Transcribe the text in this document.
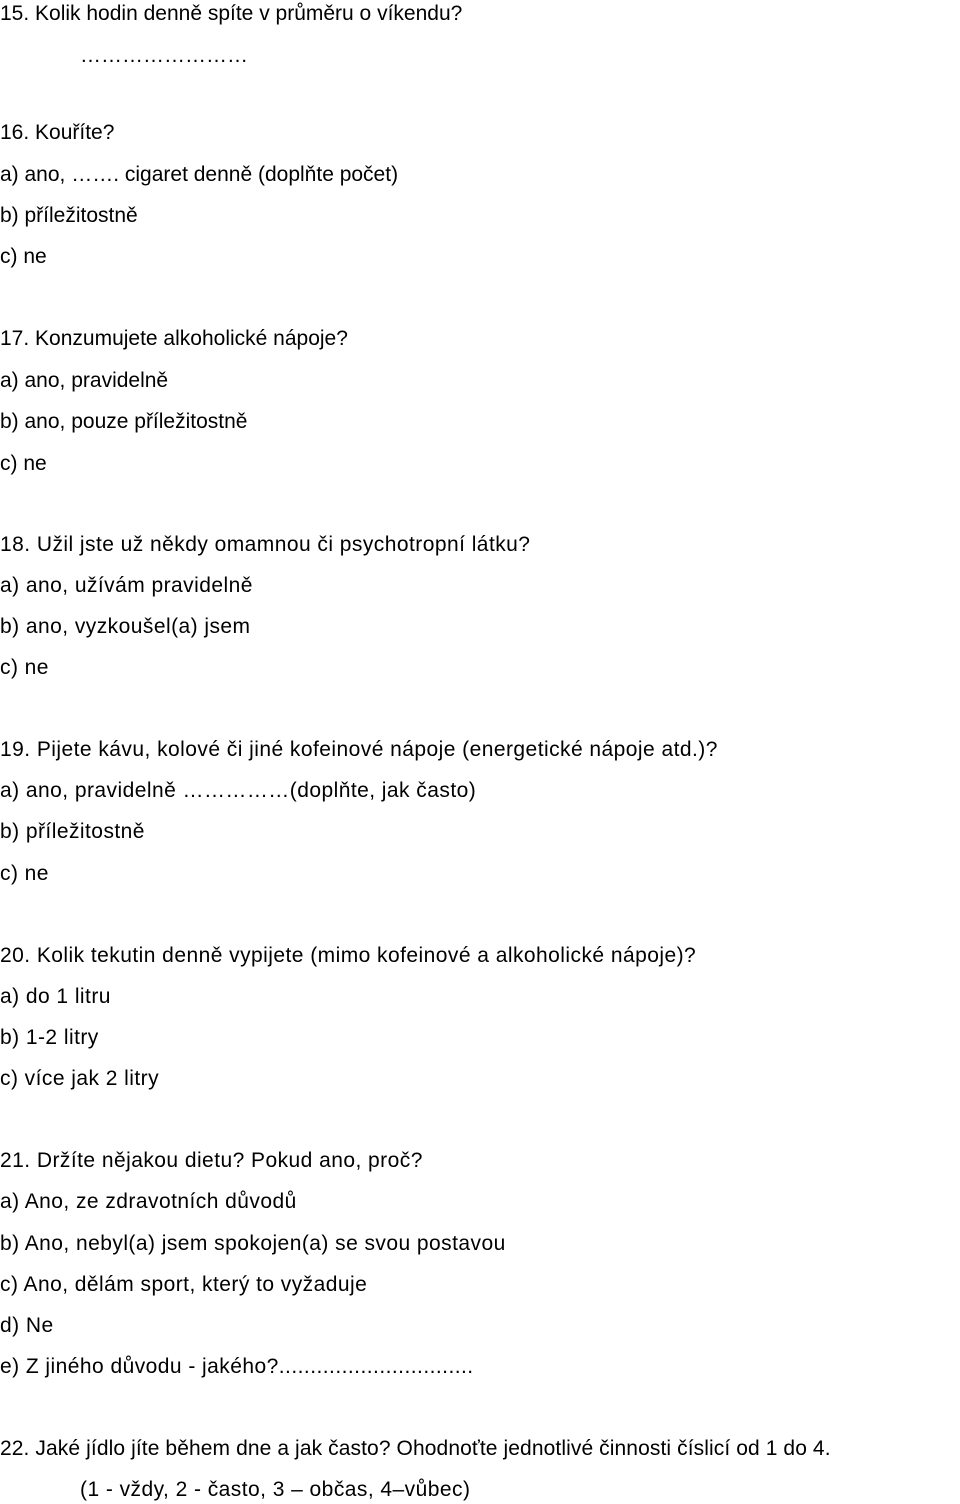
15. Kolik hodin denně spíte v průměru o víkendu?
……………………
16. Kouříte?
a) ano, ……. cigaret denně (doplňte počet)
b) příležitostně
c) ne
17. Konzumujete alkoholické nápoje?
a) ano, pravidelně
b) ano, pouze příležitostně
c) ne
18. Užil jste už někdy omamnou či psychotropní látku?
a) ano, užívám pravidelně
b) ano, vyzkoušel(a) jsem
c) ne
19. Pijete kávu, kolové či jiné kofeinové nápoje (energetické nápoje atd.)?
a) ano, pravidelně ……………(doplňte, jak často)
b) příležitostně
c) ne
20. Kolik tekutin denně vypijete (mimo kofeinové a alkoholické nápoje)?
a) do 1 litru
b) 1-2 litry
c) více jak 2 litry
21. Držíte nějakou dietu? Pokud ano, proč?
a) Ano, ze zdravotních důvodů
b) Ano, nebyl(a) jsem spokojen(a) se svou postavou
c) Ano, dělám sport, který to vyžaduje
d) Ne
e) Z jiného důvodu - jakého?...............................
22. Jaké jídlo jíte během dne a jak často? Ohodnoťte jednotlivé činnosti číslicí od 1 do 4.
(1 - vždy, 2 - často, 3 – občas, 4–vůbec)
